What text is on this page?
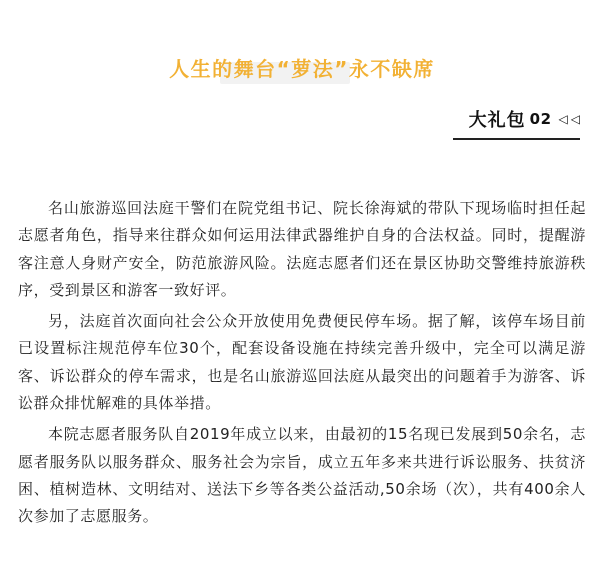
人生的舞台“萝法”永不缺席
大礼包 02 ◁ ◁

名山旅游巡回法庭干警们在院党组书记、院长徐海斌的带队下现场临时担任起志愿者角色，指导来往群众如何运用法律武器维护自身的合法权益。同时，提醒游客注意人身财产安全，防范旅游风险。法庭志愿者们还在景区协助交警维持旅游秩序，受到景区和游客一致好评。

另，法庭首次面向社会公众开放使用免费便民停车场。据了解，该停车场目前已设置标注规范停车位30个，配套设备设施在持续完善升级中，完全可以满足游客、诉讼群众的停车需求，也是名山旅游巡回法庭从最突出的问题着手为游客、诉讼群众排忧解难的具体举措。

本院志愿者服务队自2019年成立以来，由最初的15名现已发展到50余名，志愿者服务队以服务群众、服务社会为宗旨，成立五年多来共进行诉讼服务、扶贫济困、植树造林、文明结对、送法下乡等各类公益活动,50余场（次），共有400余人次参加了志愿服务。
